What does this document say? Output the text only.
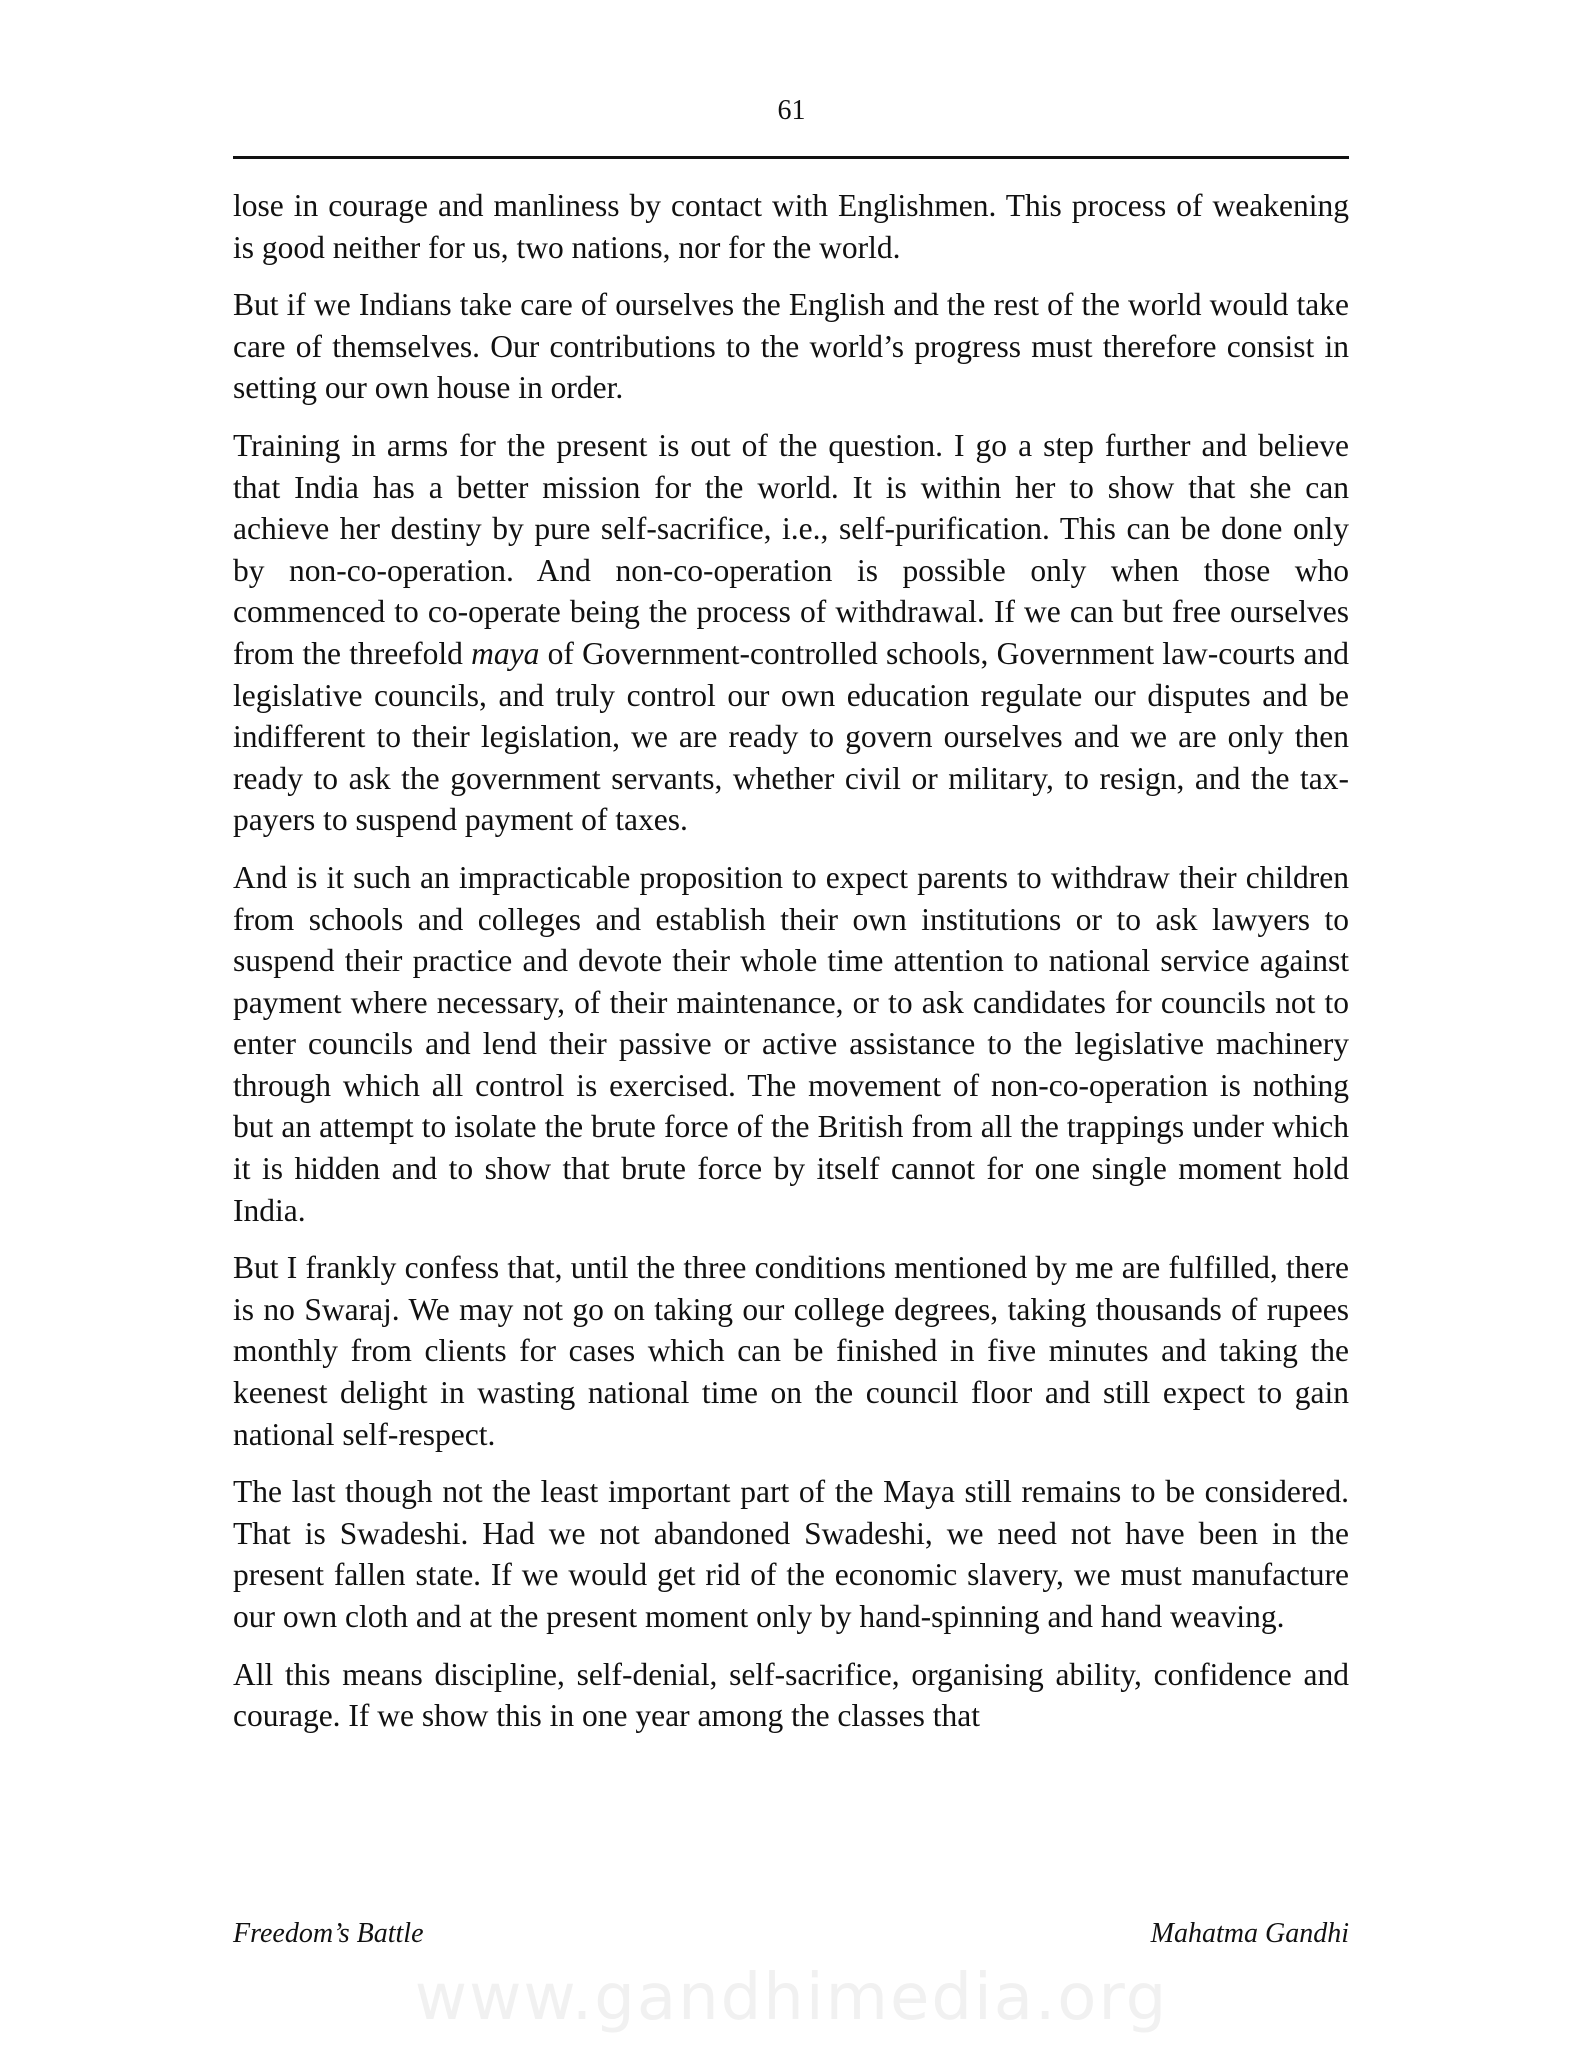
61

lose in courage and manliness by contact with Englishmen. This process of weakening is good neither for us, two nations, nor for the world.

But if we Indians take care of ourselves the English and the rest of the world would take care of themselves. Our contributions to the world’s progress must therefore consist in setting our own house in order.

Training in arms for the present is out of the question. I go a step further and believe that India has a better mission for the world. It is within her to show that she can achieve her destiny by pure self-sacrifice, i.e., self-purification. This can be done only by non-co-operation. And non-co-operation is possible only when those who commenced to co-operate being the process of withdrawal. If we can but free ourselves from the threefold maya of Government-controlled schools, Government law-courts and legislative councils, and truly control our own education regulate our disputes and be indifferent to their legislation, we are ready to govern ourselves and we are only then ready to ask the government servants, whether civil or military, to resign, and the tax-payers to suspend payment of taxes.

And is it such an impracticable proposition to expect parents to withdraw their children from schools and colleges and establish their own institutions or to ask lawyers to suspend their practice and devote their whole time attention to national service against payment where necessary, of their maintenance, or to ask candidates for councils not to enter councils and lend their passive or active assistance to the legislative machinery through which all control is exercised. The movement of non-co-operation is nothing but an attempt to isolate the brute force of the British from all the trappings under which it is hidden and to show that brute force by itself cannot for one single moment hold India.

But I frankly confess that, until the three conditions mentioned by me are fulfilled, there is no Swaraj. We may not go on taking our college degrees, taking thousands of rupees monthly from clients for cases which can be finished in five minutes and taking the keenest delight in wasting national time on the council floor and still expect to gain national self-respect.

The last though not the least important part of the Maya still remains to be considered. That is Swadeshi. Had we not abandoned Swadeshi, we need not have been in the present fallen state. If we would get rid of the economic slavery, we must manufacture our own cloth and at the present moment only by hand-spinning and hand weaving.

All this means discipline, self-denial, self-sacrifice, organising ability, confidence and courage. If we show this in one year among the classes that

Freedom’s Battle	Mahatma Gandhi
www.gandhimedia.org
